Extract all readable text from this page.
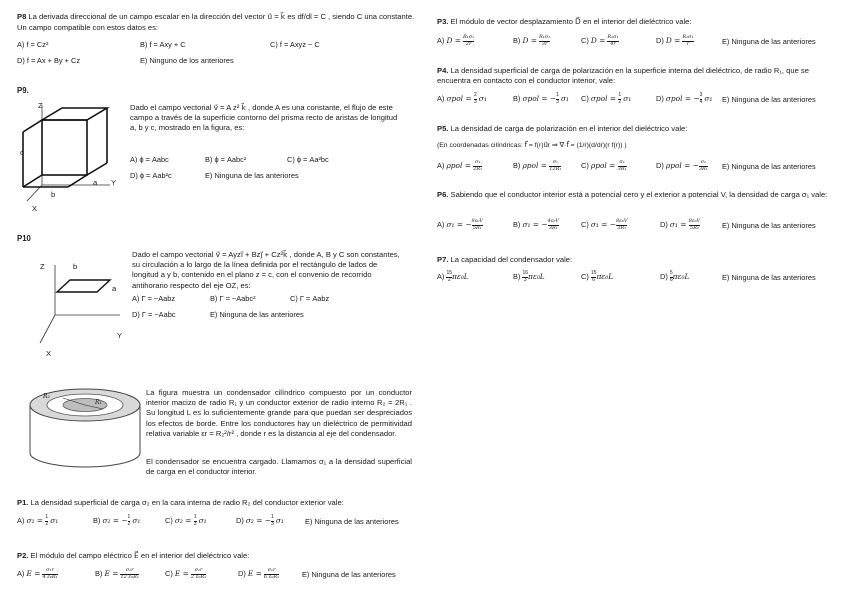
P8 La derivada direccional de un campo escalar en la dirección del vector u⃗ = k⃗ es df/dl = C , siendo C una constante.
Un campo compatible con estos datos es:
A) f = Cz²	B) f = Axy + C	C) f = Axyz − C
D) f = Ax + By + Cz	E) Ninguno de los anteriores
P9.
Z
c
b
a Y
X
Dado el campo vectorial v⃗ = A z² k⃗ , donde A es una constante, el flujo de este campo a través de la superficie contorno del prisma recto de aristas de longitud a, b y c, mostrado en la figura, es:
A) ϕ = Aabc	B) ϕ = Aabc²	C) ϕ = Aa²bc
D) ϕ = Aab²c	E) Ninguna de las anteriores
P10
Z	b
a
Y
X
Dado el campo vectorial v⃗ = Ayzi⃗ + Bzj⃗ + Cz²k⃗ , donde A, B y C son constantes, su circulación a lo largo de la línea definida por el rectángulo de lados de longitud a y b, contenido en el plano z = c, con el convenio de recorrido antihorario respecto del eje OZ, es:
A) Γ = −Aabz	B) Γ = −Aabc²	C) Γ = Aabz
D) Γ = −Aabc	E) Ninguna de las anteriores
R₂
R₁
La figura muestra un condensador cilíndrico compuesto por un conductor interior macizo de radio R₁ y un conductor exterior de radio interno R₂ = 2R₁ . Su longitud L es lo suficientemente grande para que puedan ser despreciados los efectos de borde. Entre los conductores hay un dieléctrico de permitividad relativa variable εr = R₂²/r² , donde r es la distancia al eje del condensador.
El condensador se encuentra cargado. Llamamos σ₁ a la densidad superficial de carga en el conductor interior.
P1. La densidad superficial de carga σ₂ en la cara interna de radio R₂ del conductor exterior vale:
A) $\sigma_2 = \frac{1}{2} \sigma_1$	B) σ₂ = − $\frac{1}{2} \sigma_1$	C) $\sigma_2 = \frac{1}{3} \sigma_1$	D) σ₂ = − $\frac{1}{3} \sigma_1$	E) Ninguna de las anteriores
P2. El módulo del campo eléctrico E⃗ en el interior del dieléctrico vale:
A) $E = \frac{\text{σ₁r}}{\text{4 ε₀R₁}}$	B) $E = \frac{\text{σ₁r}}{\text{12 ε₀R₁}}$	C) $E = \frac{\text{σ₁r}}{\text{2 ε₀R₁}}$	D) $E = \frac{\text{σ₁r}}{\text{6 ε₀R₁}}$	E) Ninguna de las anteriores
P3. El módulo de vector desplazamiento D⃗ en el interior del dieléctrico vale:
A) $D = \frac{\text{R₁σ₁}}{2r}$	B) $D = \frac{\text{R₁σ₁}}{3r}$	C) $D = \frac{\text{R₁σ₁}}{4r}$	D) $D = \frac{\text{R₁σ₁}}{r}$	E) Ninguna de las anteriores
P4. La densidad superficial de carga de polarización en la superficie interna del dieléctrico, de radio R₁, que se encuentra en contacto con el conductor interior, vale:
A) $\sigma pol = \frac{2}{3} \sigma_1$	B) σpol = − $\frac{1}{3} \sigma_1$ C) $\sigma pol = \frac{1}{2} \sigma_1$	D) σpol = − $\frac{3}{4} \sigma_1$ E) Ninguna de las anteriores
P5. La densidad de carga de polarización en el interior del dieléctrico vale:
(En coordenadas cilíndricas: f⃗ = f(r)u⃗r ⇒ ∇·f⃗ = (1/r)(d/dr)(r f(r)) )
A) $\rho pol = \frac{\text{σ₁}}{\text{2R₁}}$	B) $\rho pol = \frac{\text{σ₁}}{\text{12R₁}}$	C) $\rho pol = \frac{\text{σ₁}}{\text{3R₁}}$	D) ρpol = − $\frac{\text{σ₁}}{\text{3R₁}} E$) Ninguna de las anteriores
P6. Sabiendo que el conductor interior está a potencial cero y el exterior a potencial V, la densidad de carga σ₁ vale:
A) σ₁ = − $\frac{\text{8ε₀V}}{\text{5R₁}}$	B) σ₁ = − $\frac{\text{4ε₀V}}{\text{3R₁}}$	C) σ₁ = − $\frac{\text{8ε₀V}}{\text{3R₁}}$	D) $\sigma_1 = \frac{\text{8ε₀V}}{\text{5R₁}}$	E) Ninguna de las anteriores
P7. La capacidad del condensador vale:
$A) \frac{15}{2} \pi\varepsilon_0L$	$B) \frac{16}{3} \pi\varepsilon_0L$	$C) \frac{15}{6} \pi\varepsilon_0L$	$D) \frac{5}{6} \pi\varepsilon_0L$	E) Ninguna de las anteriores
